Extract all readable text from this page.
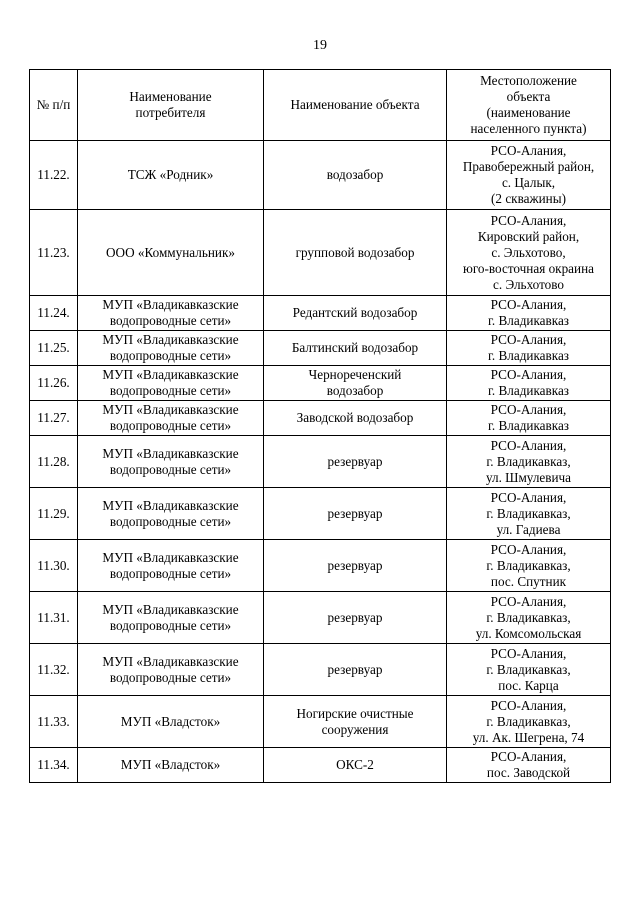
19
№ п/п	Наименование
потребителя	Наименование объекта	Местоположение
объекта
(наименование
населенного пункта)
11.22.	ТСЖ «Родник»	водозабор	РСО-Алания,
Правобережный район,
с. Цалык,
(2 скважины)
11.23.	ООО «Коммунальник»	групповой водозабор	РСО-Алания,
Кировский район,
с. Эльхотово,
юго-восточная окраина
с. Эльхотово
11.24.	МУП «Владикавказские
водопроводные сети»	Редантский водозабор	РСО-Алания,
г. Владикавказ
11.25.	МУП «Владикавказские
водопроводные сети»	Балтинский водозабор	РСО-Алания,
г. Владикавказ
11.26.	МУП «Владикавказские
водопроводные сети»	Чернореченский
водозабор	РСО-Алания,
г. Владикавказ
11.27.	МУП «Владикавказские
водопроводные сети»	Заводской водозабор	РСО-Алания,
г. Владикавказ
11.28.	МУП «Владикавказские
водопроводные сети»	резервуар	РСО-Алания,
г. Владикавказ,
ул. Шмулевича
11.29.	МУП «Владикавказские
водопроводные сети»	резервуар	РСО-Алания,
г. Владикавказ,
ул. Гадиева
11.30.	МУП «Владикавказские
водопроводные сети»	резервуар	РСО-Алания,
г. Владикавказ,
пос. Спутник
11.31.	МУП «Владикавказские
водопроводные сети»	резервуар	РСО-Алания,
г. Владикавказ,
ул. Комсомольская
11.32.	МУП «Владикавказские
водопроводные сети»	резервуар	РСО-Алания,
г. Владикавказ,
пос. Карца
11.33.	МУП «Владсток»	Ногирские очистные
сооружения	РСО-Алания,
г. Владикавказ,
ул. Ак. Шегрена, 74
11.34.	МУП «Владсток»	ОКС-2	РСО-Алания,
пос. Заводской
